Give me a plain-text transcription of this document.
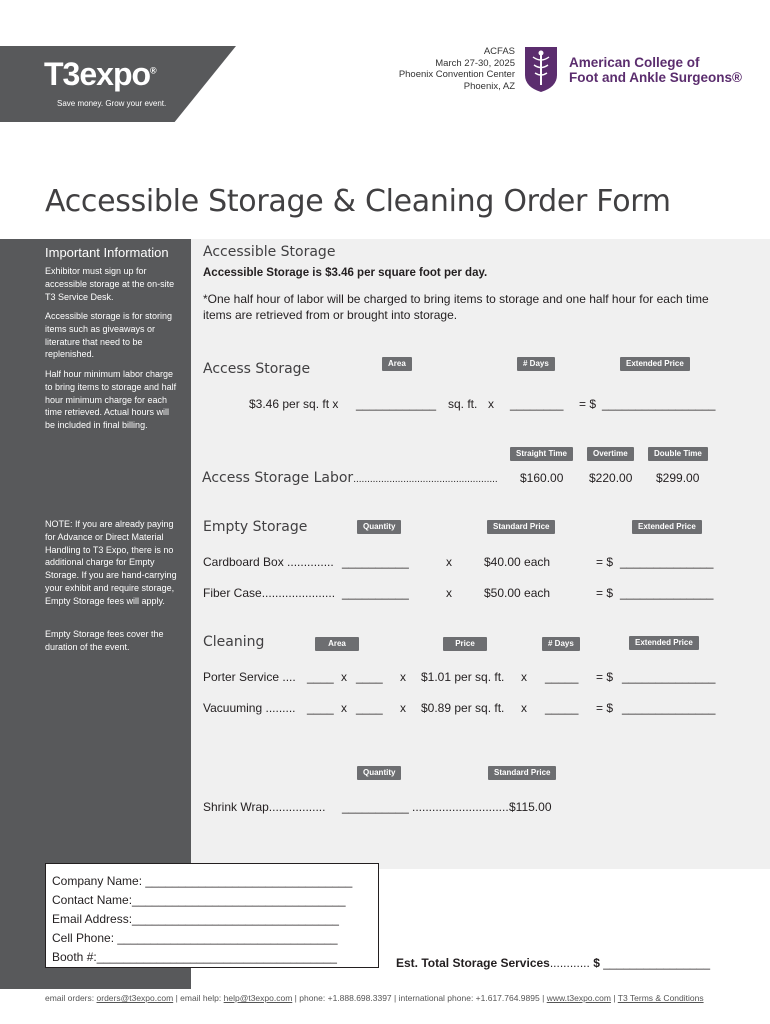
T3expo®
Save money. Grow your event.
ACFAS
March 27-30, 2025
Phoenix Convention Center
Phoenix, AZ
American College of
Foot and Ankle Surgeons®
Accessible Storage & Cleaning Order Form
Important Information
Exhibitor must sign up for accessible storage at the on-site T3 Service Desk.
Accessible storage is for storing items such as giveaways or literature that need to be replenished.
Half hour minimum labor charge to bring items to storage and half hour minimum charge for each time retrieved. Actual hours will be included in final billing.
NOTE: If you are already paying for Advance or Direct Material Handling to T3 Expo, there is no additional charge for Empty Storage. If you are hand-carrying your exhibit and require storage, Empty Storage fees will apply.
Empty Storage fees cover the duration of the event.
Accessible Storage
Accessible Storage is $3.46 per square foot per day.
*One half hour of labor will be charged to bring items to storage and one half hour for each time items are retrieved from or brought into storage.
Access Storage	Area	# Days	Extended Price
$3.46 per sq. ft x ____________ sq. ft. x ________ = $ _________________
Straight Time	Overtime	Double Time
Access Storage Labor.................................................... $160.00 $220.00 $299.00
Empty Storage	Quantity	Standard Price	Extended Price
Cardboard Box .............. __________	x	$40.00 each	= $ ______________
Fiber Case...................... __________	x	$50.00 each	= $ ______________
Cleaning	Area	Price	# Days	Extended Price
Porter Service .... ____ x ____ x $1.01 per sq. ft. x _____ = $ ______________
Vacuuming ......... ____ x ____ x $0.89 per sq. ft. x _____ = $ ______________
Quantity	Standard Price
Shrink Wrap................. __________ ............................. $115.00
Company Name: _______________________________
Contact Name:________________________________
Email Address:_______________________________
Cell Phone: _________________________________
Booth #:____________________________________	Est. Total Storage Services............ $ ________________
email orders: orders@t3expo.com | email help: help@t3expo.com | phone: +1.888.698.3397 | international phone: +1.617.764.9895 | www.t3expo.com | T3 Terms & Conditions
